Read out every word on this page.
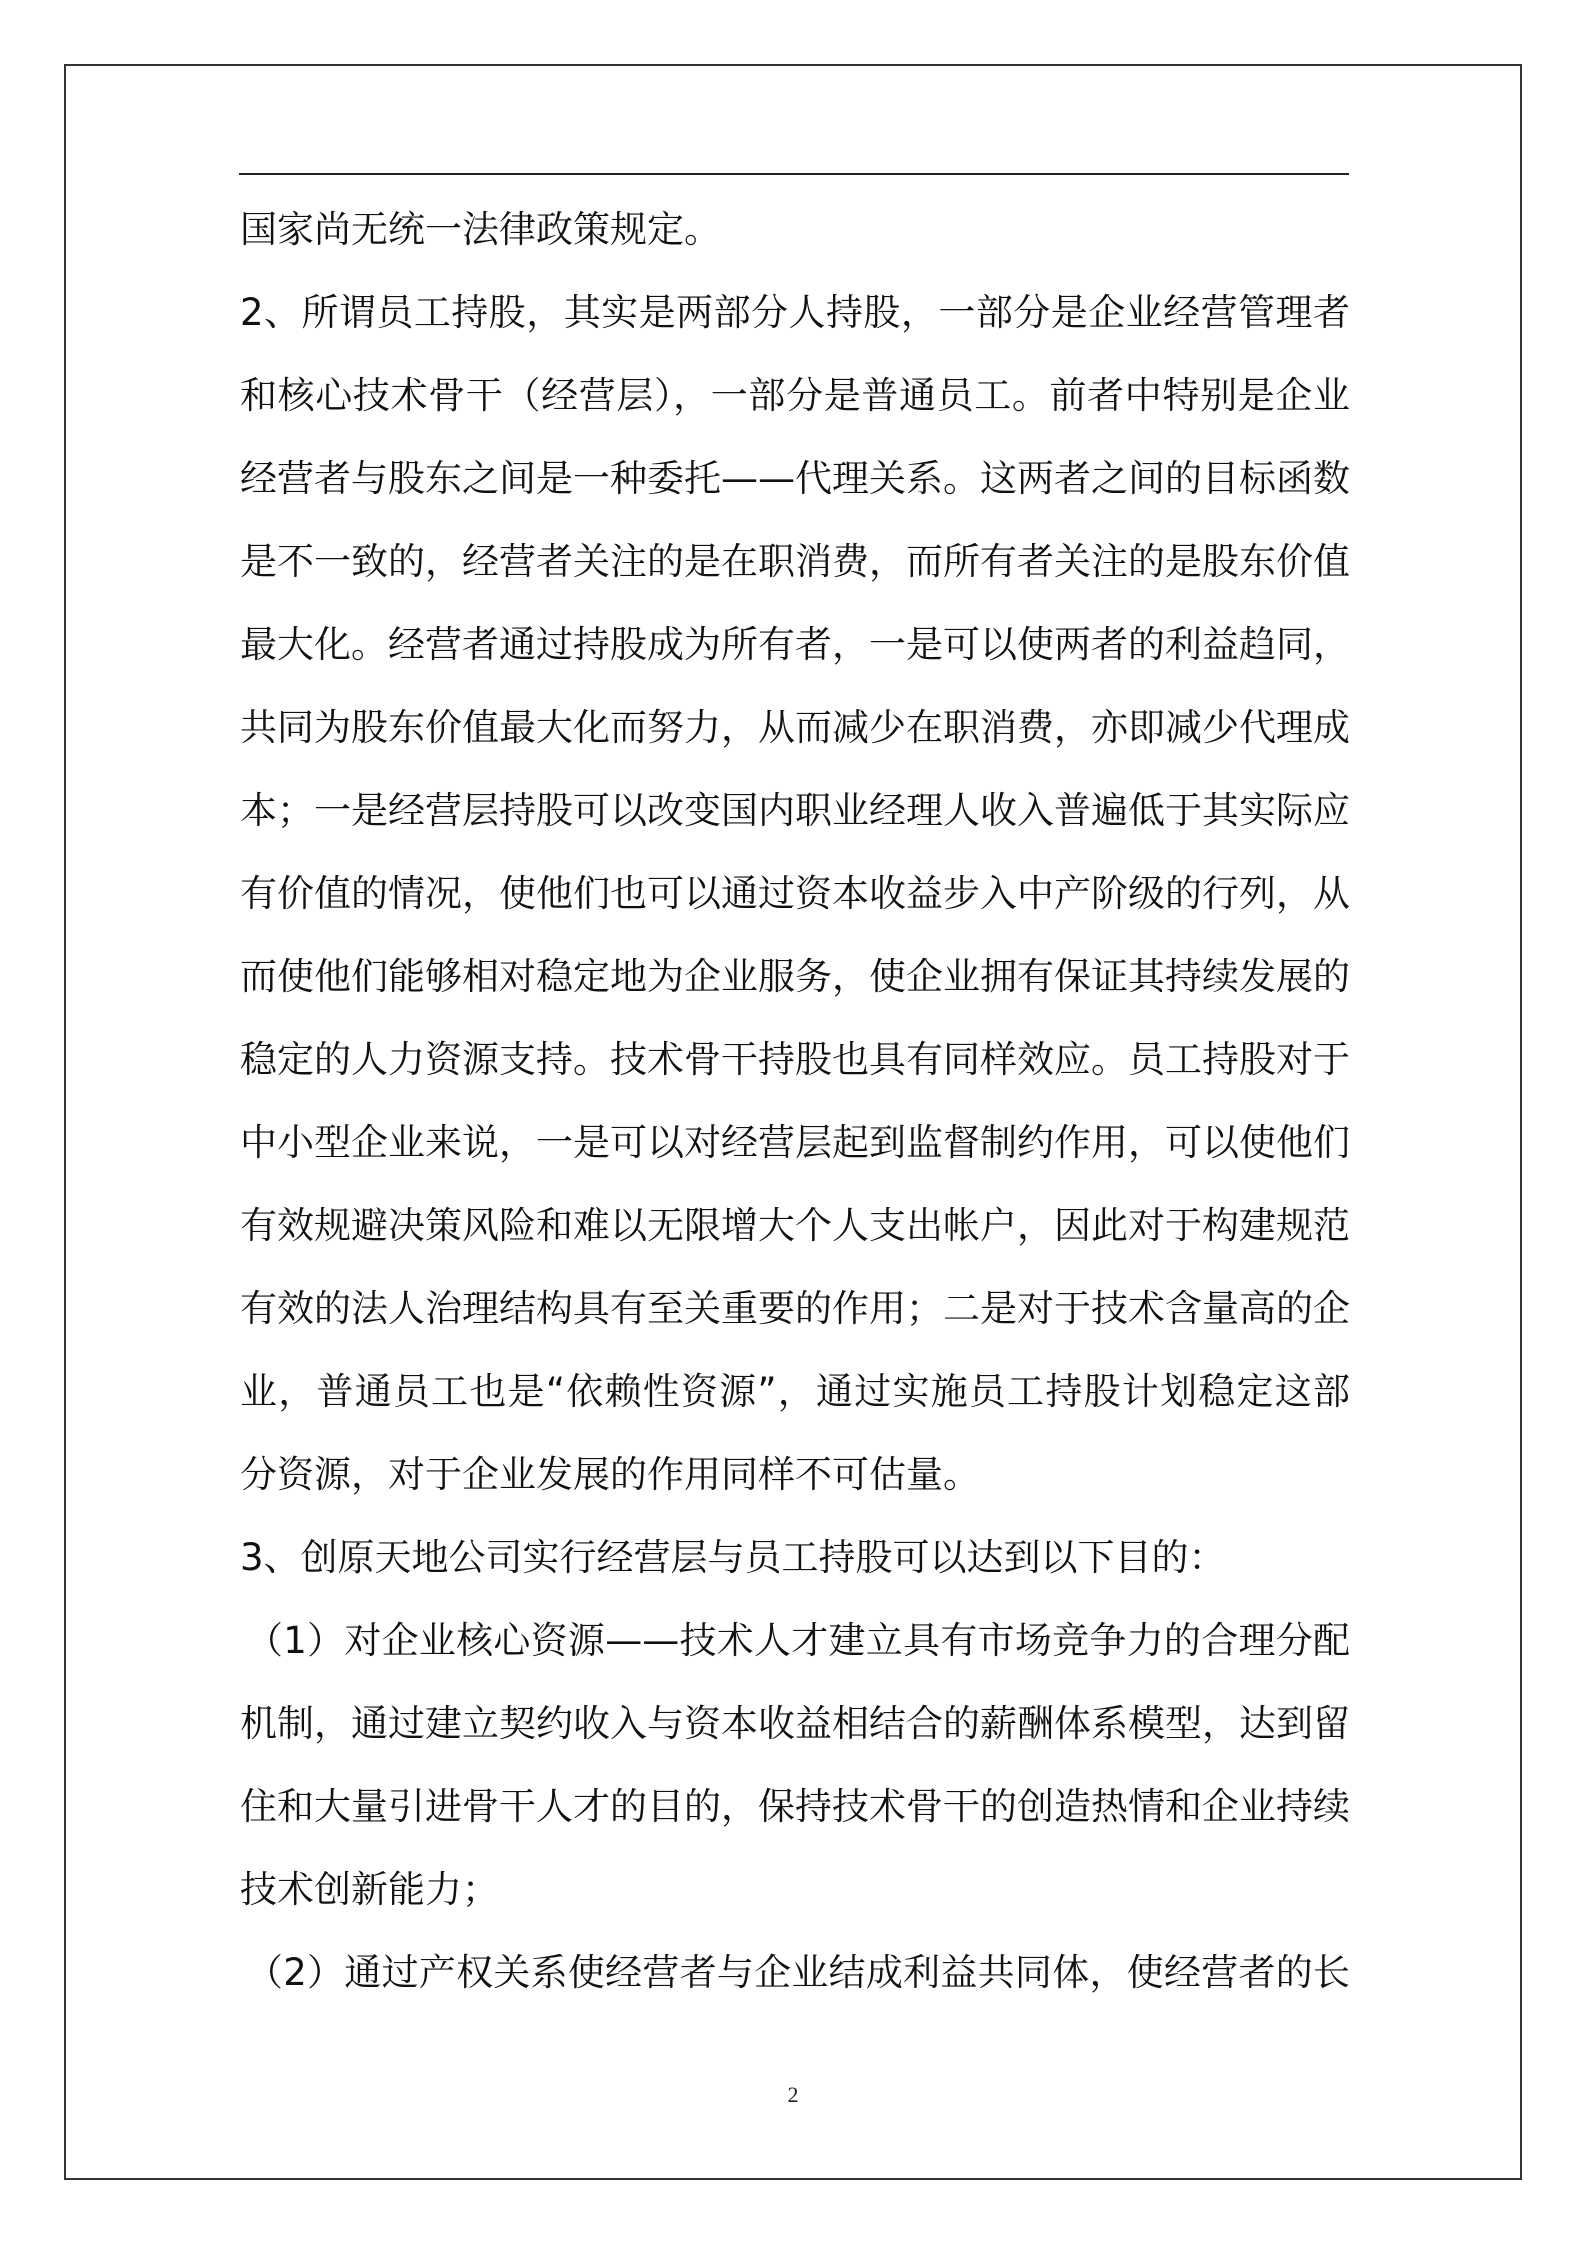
国家尚无统一法律政策规定。
2、所谓员工持股，其实是两部分人持股，一部分是企业经营管理者
和核心技术骨干（经营层），一部分是普通员工。前者中特别是企业
经营者与股东之间是一种委托——代理关系。这两者之间的目标函数
是不一致的，经营者关注的是在职消费，而所有者关注的是股东价值
最大化。经营者通过持股成为所有者，一是可以使两者的利益趋同，
共同为股东价值最大化而努力，从而减少在职消费，亦即减少代理成
本；一是经营层持股可以改变国内职业经理人收入普遍低于其实际应
有价值的情况，使他们也可以通过资本收益步入中产阶级的行列，从
而使他们能够相对稳定地为企业服务，使企业拥有保证其持续发展的
稳定的人力资源支持。技术骨干持股也具有同样效应。员工持股对于
中小型企业来说，一是可以对经营层起到监督制约作用，可以使他们
有效规避决策风险和难以无限增大个人支出帐户，因此对于构建规范
有效的法人治理结构具有至关重要的作用；二是对于技术含量高的企
业，普通员工也是“依赖性资源”，通过实施员工持股计划稳定这部
分资源，对于企业发展的作用同样不可估量。
3、创原天地公司实行经营层与员工持股可以达到以下目的：
（1）对企业核心资源——技术人才建立具有市场竞争力的合理分配
机制，通过建立契约收入与资本收益相结合的薪酬体系模型，达到留
住和大量引进骨干人才的目的，保持技术骨干的创造热情和企业持续
技术创新能力；
（2）通过产权关系使经营者与企业结成利益共同体，使经营者的长
2
